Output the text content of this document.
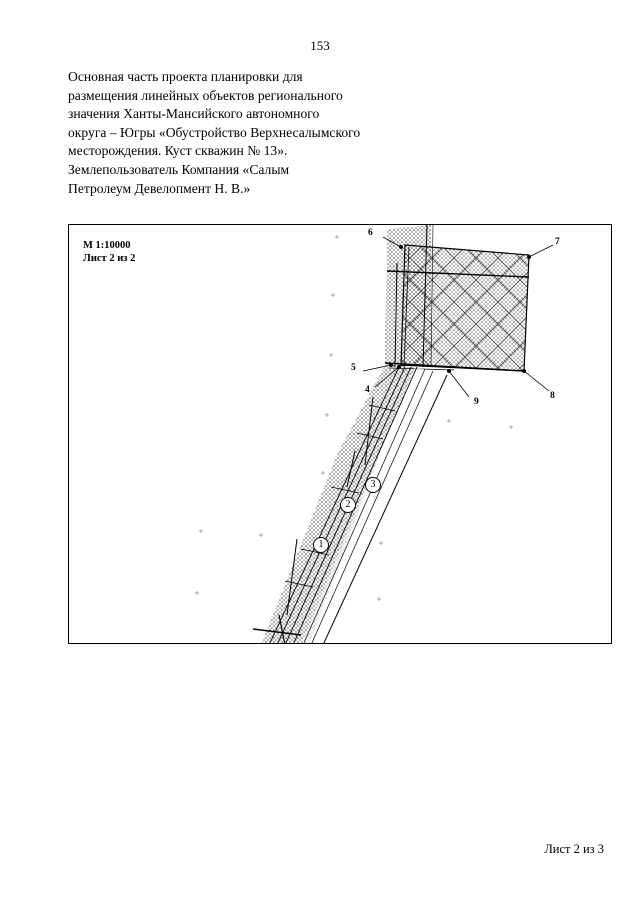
153
Основная часть проекта планировки для
размещения линейных объектов регионального
значения Ханты-Мансийского автономного
округа – Югры «Обустройство Верхнесалымского
месторождения. Куст скважин № 13».
Землепользователь Компания «Салым
Петролеум Девелопмент Н. В.»
М 1:10000
Лист 2 из 2
6
7
5
4
9
8
1
2
3
Лист 2 из 3
